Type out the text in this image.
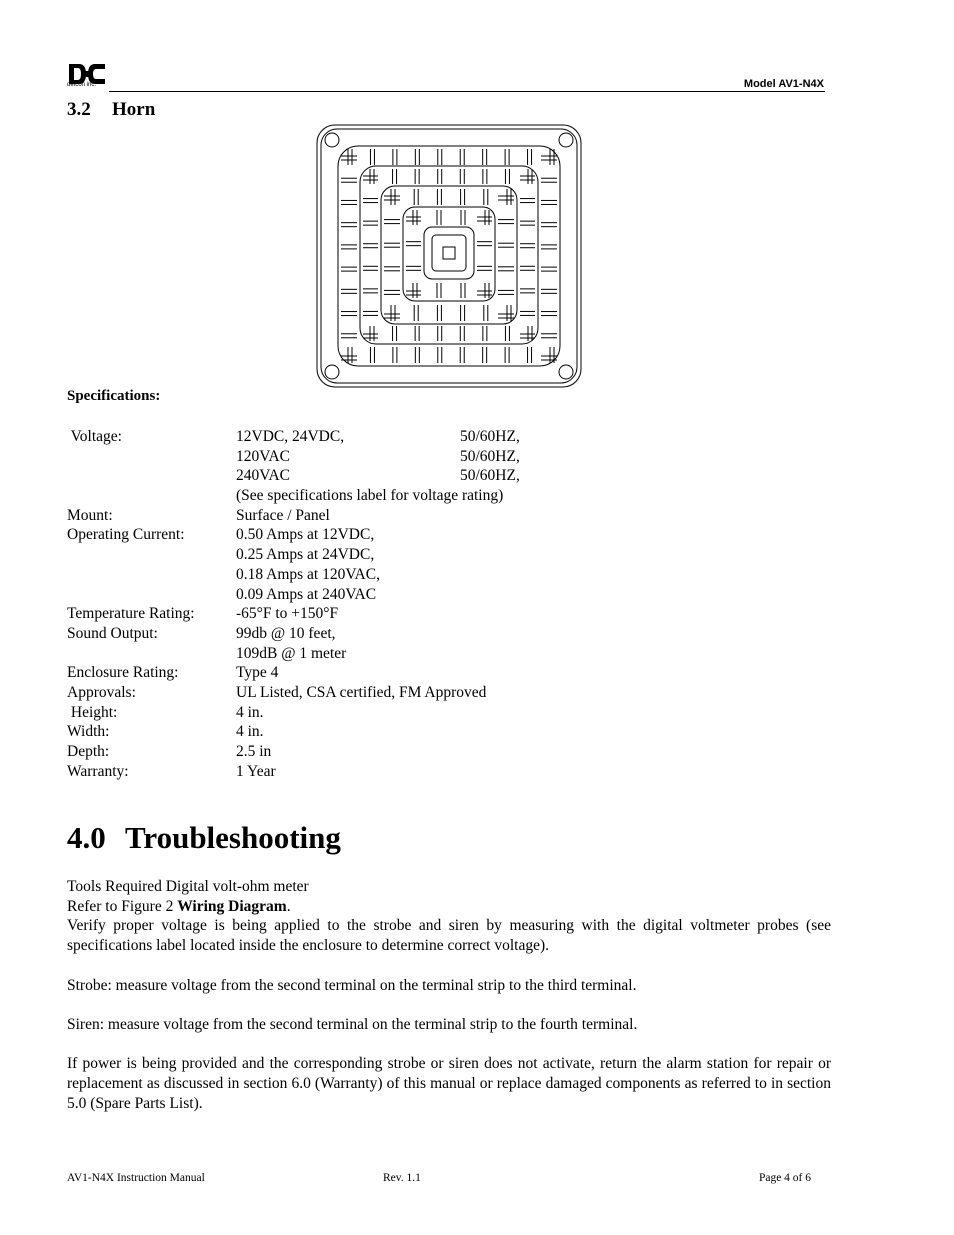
detcon inc.	Model AV1-N4X
3.2 Horn
Specifications:
Voltage:	12VDC, 24VDC,	50/60HZ,
120VAC	50/60HZ,
240VAC	50/60HZ,
(See specifications label for voltage rating)
Mount:	Surface / Panel
Operating Current:	0.50 Amps at 12VDC,
0.25 Amps at 24VDC,
0.18 Amps at 120VAC,
0.09 Amps at 240VAC
Temperature Rating:	-65°F to +150°F
Sound Output:	99db @ 10 feet,
109dB @ 1 meter
Enclosure Rating:	Type 4
Approvals:	UL Listed, CSA certified, FM Approved
Height:	4 in.
Width:	4 in.
Depth:	2.5 in
Warranty:	1 Year
4.0 Troubleshooting

Tools Required Digital volt-ohm meter

Refer to Figure 2 Wiring Diagram.

Verify proper voltage is being applied to the strobe and siren by measuring with the digital voltmeter probes (see specifications label located inside the enclosure to determine correct voltage).

Strobe: measure voltage from the second terminal on the terminal strip to the third terminal.

Siren: measure voltage from the second terminal on the terminal strip to the fourth terminal.

If power is being provided and the corresponding strobe or siren does not activate, return the alarm station for repair or replacement as discussed in section 6.0 (Warranty) of this manual or replace damaged components as referred to in section 5.0 (Spare Parts List).

AV1-N4X Instruction Manual	Rev. 1.1	Page 4 of 6
